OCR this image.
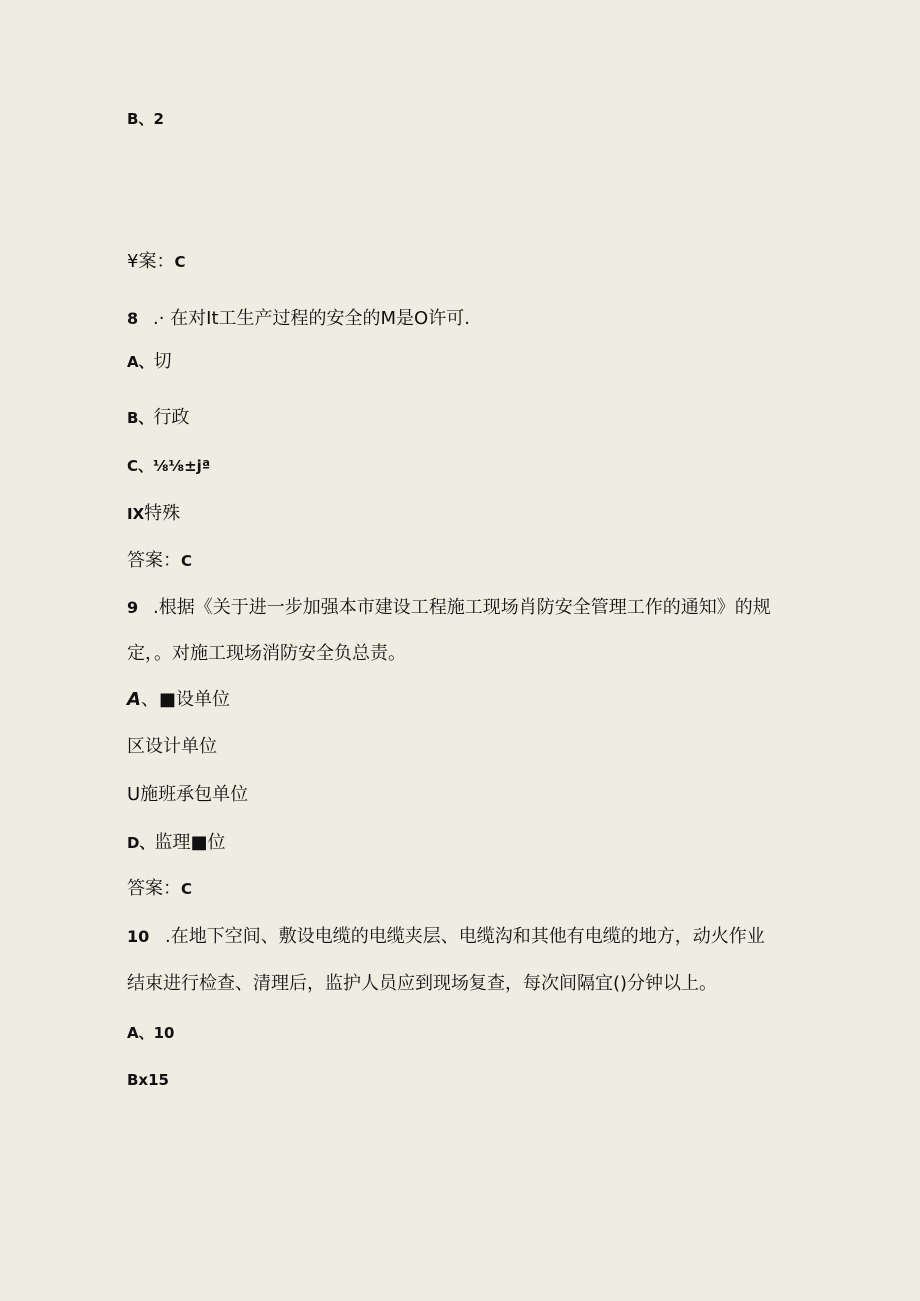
B、2

¥案：C

8 .· 在对It工生产过程的安全的M是O许可.

A、切

B、行政

C、⅛⅛±jª

IX特殊

答案：C

9 .根据《关于进一步加强本市建设工程施工现场肖防安全管理工作的通知》的规

定，。对施工现场消防安全负总责。

A、■设单位

区设计单位

U施班承包单位

D、监理■位

答案：C

10 .在地下空间、敷设电缆的电缆夹层、电缆沟和其他有电缆的地方，动火作业

结束进行检查、清理后，监护人员应到现场复查，每次间隔宜()分钟以上。

A、10

Bx15
